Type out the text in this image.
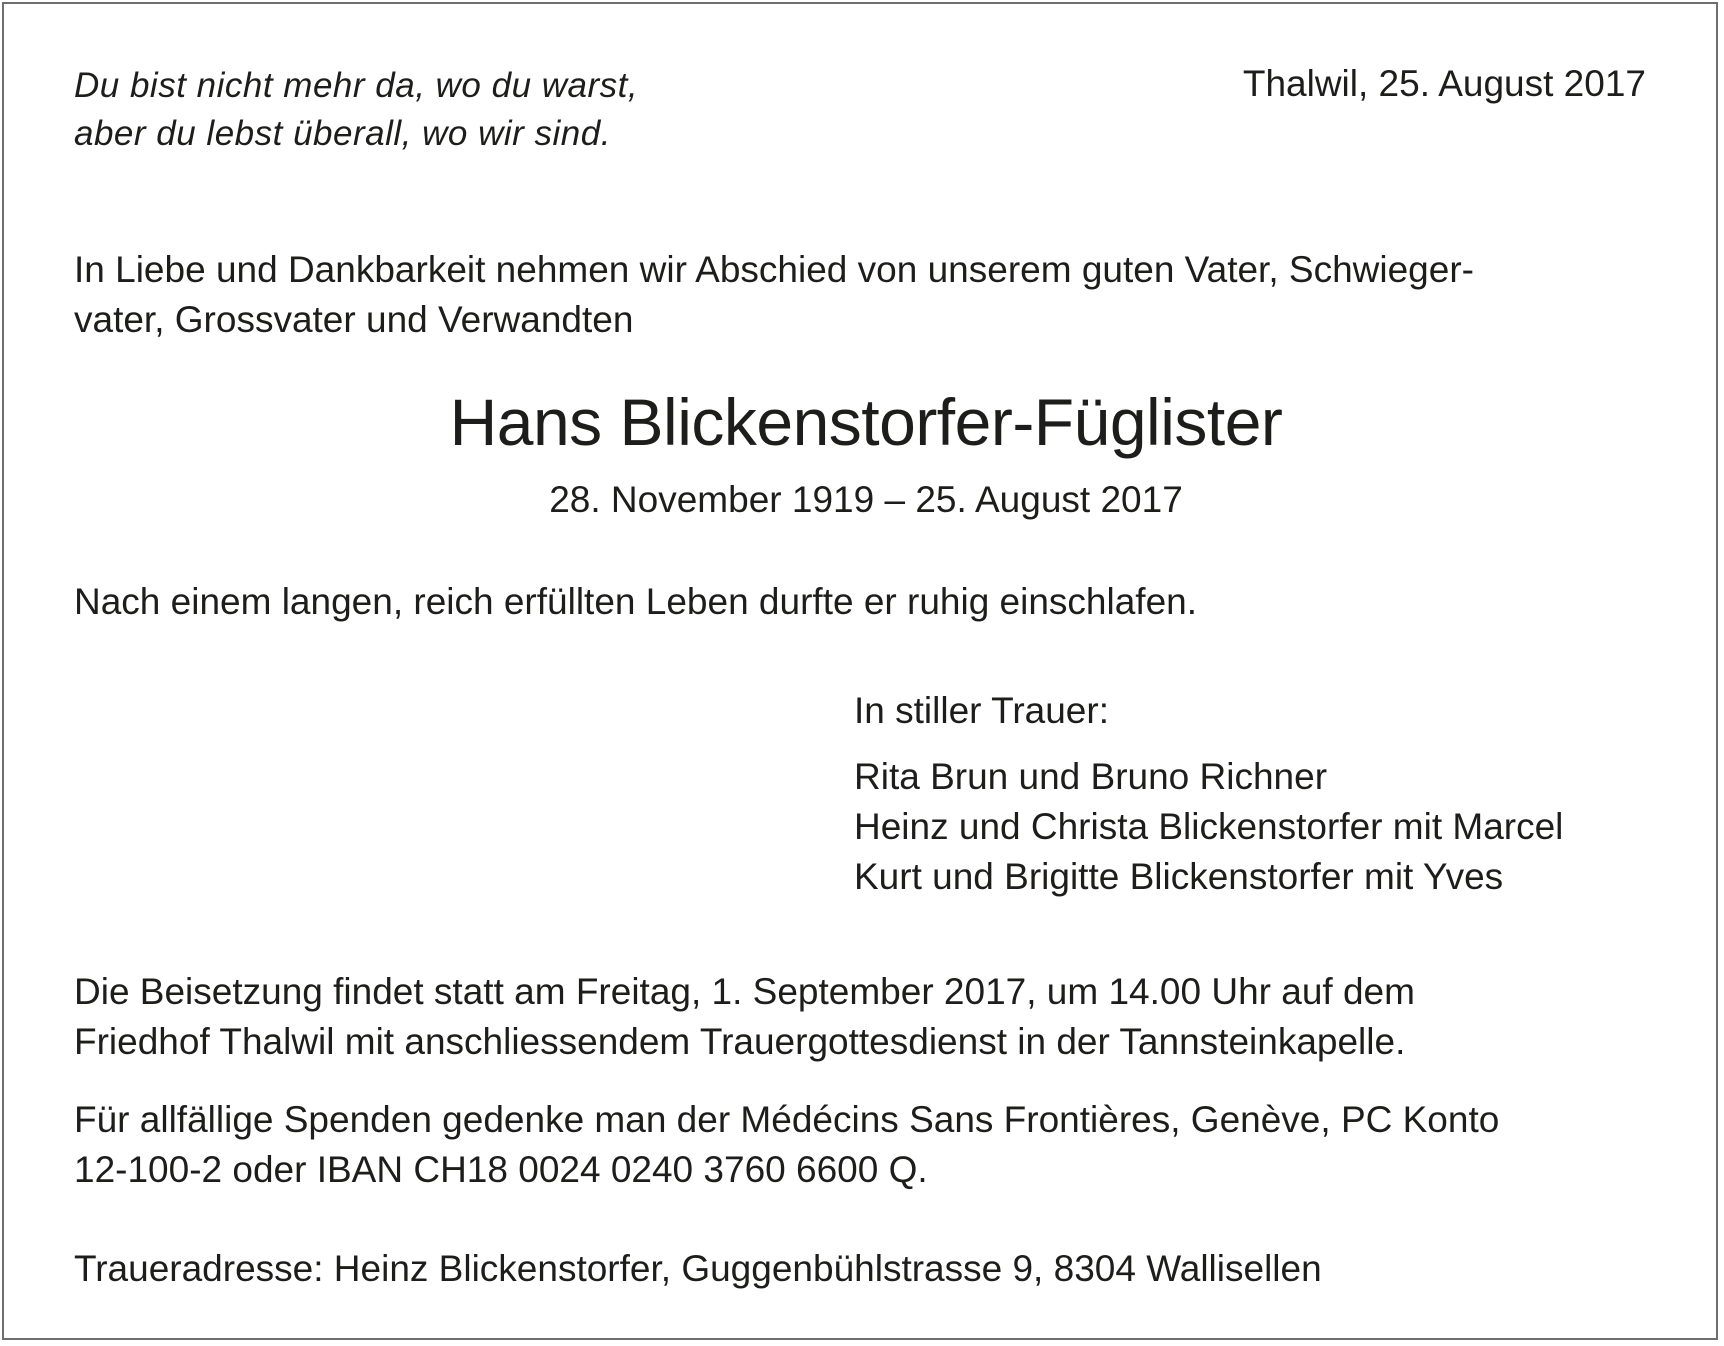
Du bist nicht mehr da, wo du warst,
aber du lebst überall, wo wir sind.
Thalwil, 25. August 2017
In Liebe und Dankbarkeit nehmen wir Abschied von unserem guten Vater, Schwieger-
vater, Grossvater und Verwandten
Hans Blickenstorfer-Füglister
28. November 1919 – 25. August 2017
Nach einem langen, reich erfüllten Leben durfte er ruhig einschlafen.
In stiller Trauer:
Rita Brun und Bruno Richner
Heinz und Christa Blickenstorfer mit Marcel
Kurt und Brigitte Blickenstorfer mit Yves
Die Beisetzung findet statt am Freitag, 1. September 2017, um 14.00 Uhr auf dem
Friedhof Thalwil mit anschliessendem Trauergottesdienst in der Tannsteinkapelle.
Für allfällige Spenden gedenke man der Médécins Sans Frontières, Genève, PC Konto
12-100-2 oder IBAN CH18 0024 0240 3760 6600 Q.
Traueradresse: Heinz Blickenstorfer, Guggenbühlstrasse 9, 8304 Wallisellen
